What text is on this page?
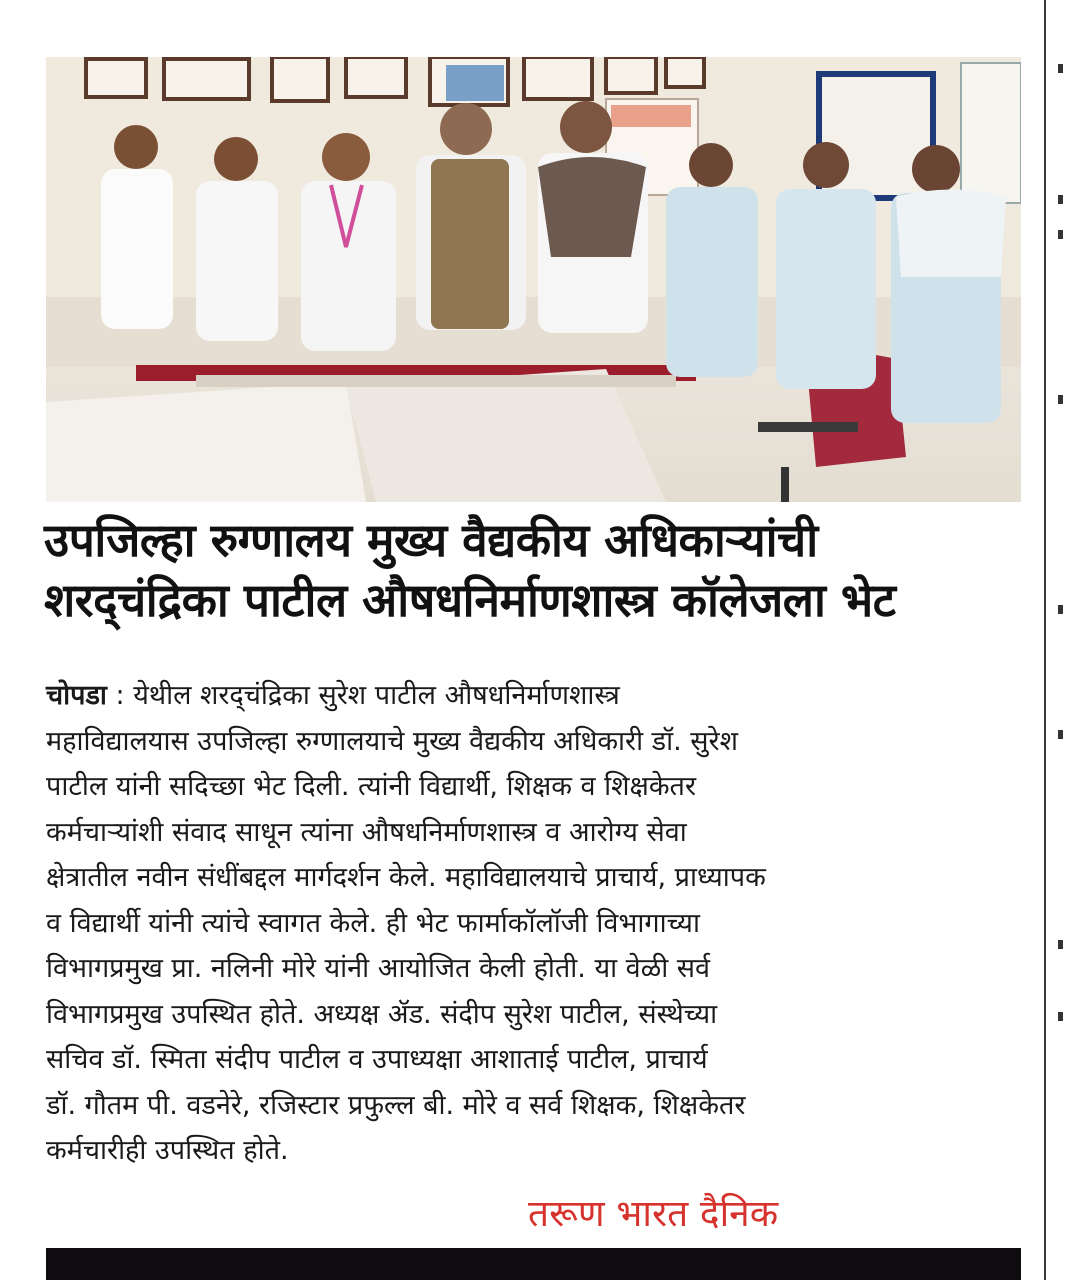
उपजिल्हा रुग्णालय मुख्य वैद्यकीय अधिकाऱ्यांची
शरद्चंद्रिका पाटील औषधनिर्माणशास्त्र कॉलेजला भेट
चोपडा : येथील शरद्चंद्रिका सुरेश पाटील औषधनिर्माणशास्त्र
महाविद्यालयास उपजिल्हा रुग्णालयाचे मुख्य वैद्यकीय अधिकारी डॉ. सुरेश
पाटील यांनी सदिच्छा भेट दिली. त्यांनी विद्यार्थी, शिक्षक व शिक्षकेतर
कर्मचाऱ्यांशी संवाद साधून त्यांना औषधनिर्माणशास्त्र व आरोग्य सेवा
क्षेत्रातील नवीन संधींबद्दल मार्गदर्शन केले. महाविद्यालयाचे प्राचार्य, प्राध्यापक
व विद्यार्थी यांनी त्यांचे स्वागत केले. ही भेट फार्माकॉलॉजी विभागाच्या
विभागप्रमुख प्रा. नलिनी मोरे यांनी आयोजित केली होती. या वेळी सर्व
विभागप्रमुख उपस्थित होते. अध्यक्ष ॲड. संदीप सुरेश पाटील, संस्थेच्या
सचिव डॉ. स्मिता संदीप पाटील व उपाध्यक्षा आशाताई पाटील, प्राचार्य
डॉ. गौतम पी. वडनेरे, रजिस्टार प्रफुल्ल बी. मोरे व सर्व शिक्षक, शिक्षकेतर
कर्मचारीही उपस्थित होते.
तरूण भारत दैनिक
